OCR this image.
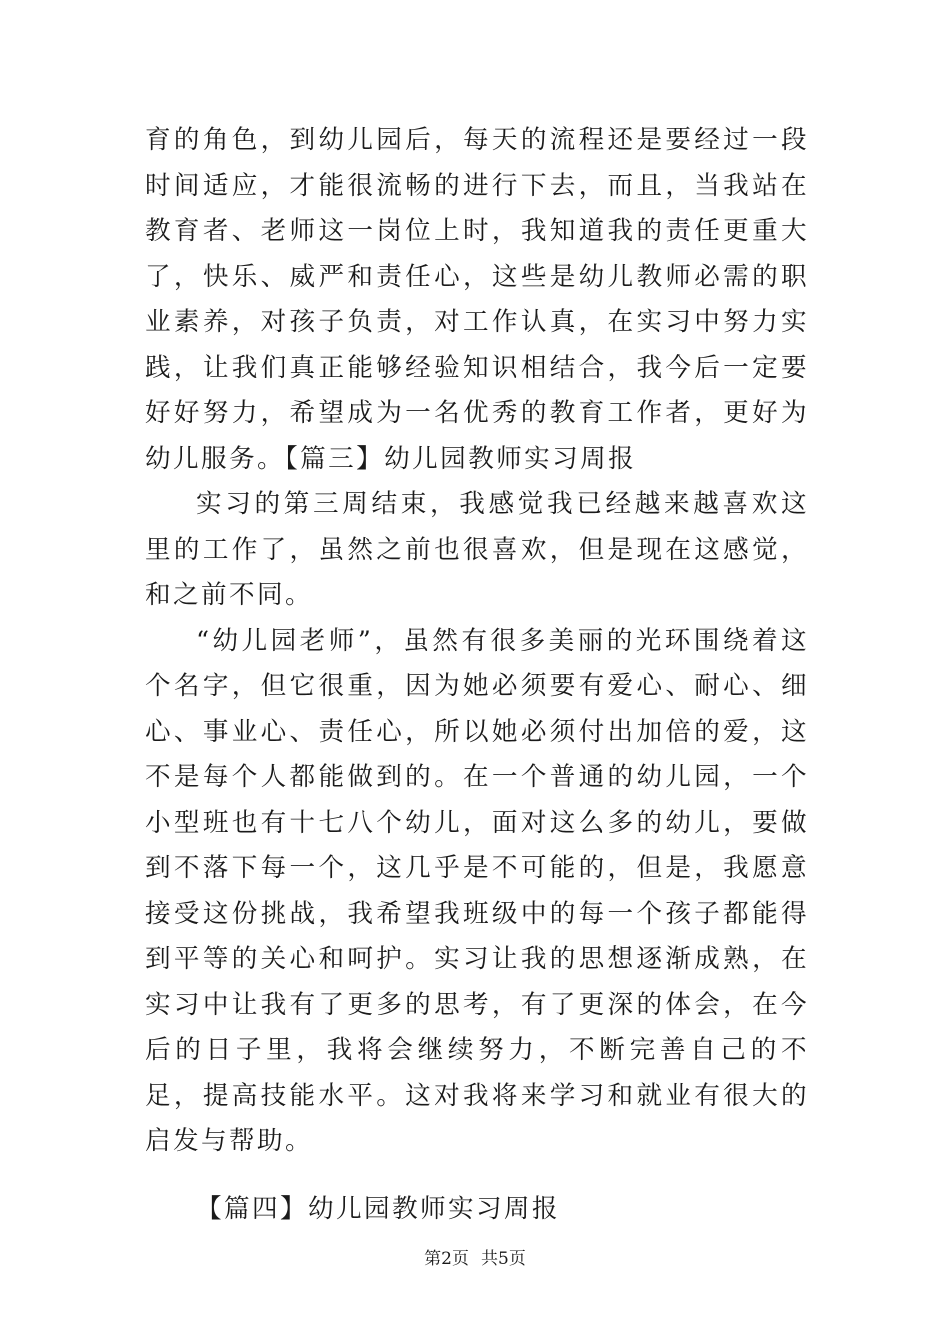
育的角色，到幼儿园后，每天的流程还是要经过一段时间适应，才能很流畅的进行下去，而且，当我站在教育者、老师这一岗位上时，我知道我的责任更重大了，快乐、威严和责任心，这些是幼儿教师必需的职业素养，对孩子负责，对工作认真，在实习中努力实践，让我们真正能够经验知识相结合，我今后一定要好好努力，希望成为一名优秀的教育工作者，更好为幼儿服务。【篇三】幼儿园教师实习周报

实习的第三周结束，我感觉我已经越来越喜欢这里的工作了，虽然之前也很喜欢，但是现在这感觉，和之前不同。

“幼儿园老师”，虽然有很多美丽的光环围绕着这个名字，但它很重，因为她必须要有爱心、耐心、细心、事业心、责任心，所以她必须付出加倍的爱，这不是每个人都能做到的。在一个普通的幼儿园，一个小型班也有十七八个幼儿，面对这么多的幼儿，要做到不落下每一个，这几乎是不可能的，但是，我愿意接受这份挑战，我希望我班级中的每一个孩子都能得到平等的关心和呵护。实习让我的思想逐渐成熟，在实习中让我有了更多的思考，有了更深的体会，在今后的日子里，我将会继续努力，不断完善自己的不足，提高技能水平。这对我将来学习和就业有很大的启发与帮助。

【篇四】幼儿园教师实习周报

第2页 共5页
